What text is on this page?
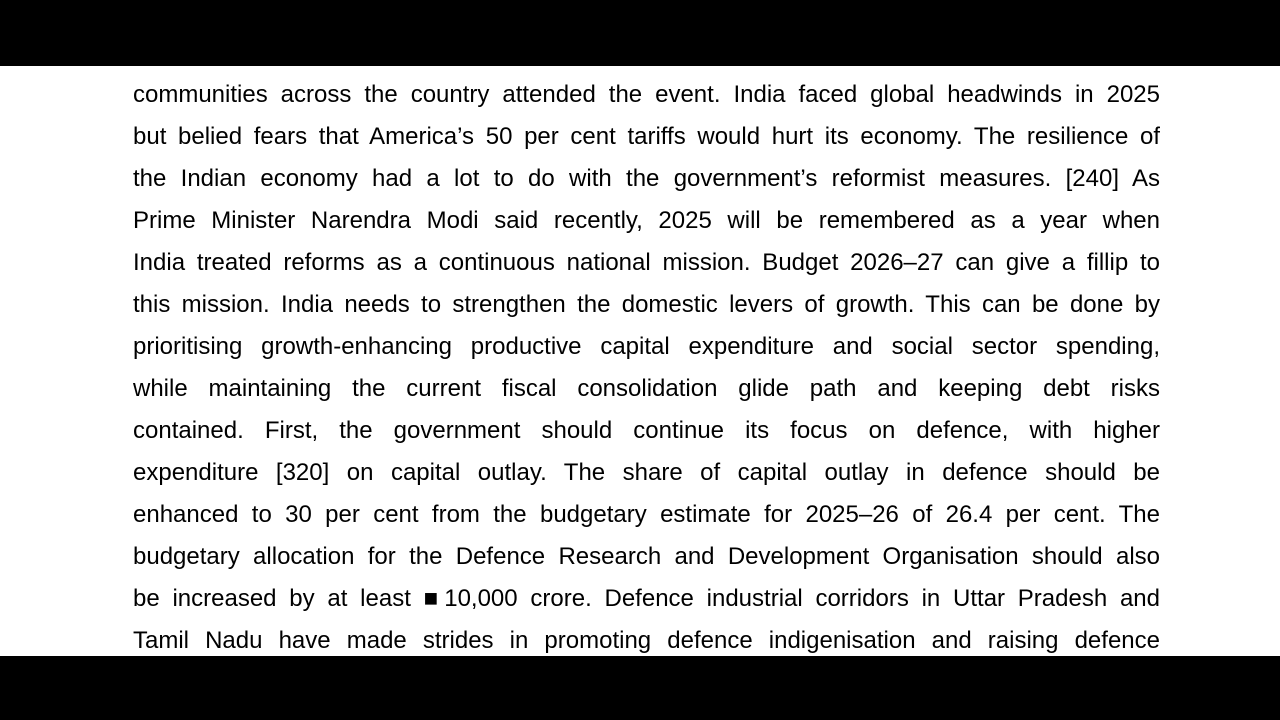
communities across the country attended the event. India faced global headwinds in 2025
but belied fears that America’s 50 per cent tariffs would hurt its economy. The resilience of
the Indian economy had a lot to do with the government’s reformist measures. [240] As
Prime Minister Narendra Modi said recently, 2025 will be remembered as a year when
India treated reforms as a continuous national mission. Budget 2026–27 can give a fillip to
this mission. India needs to strengthen the domestic levers of growth. This can be done by
prioritising growth-enhancing productive capital expenditure and social sector spending,
while maintaining the current fiscal consolidation glide path and keeping debt risks
contained. First, the government should continue its focus on defence, with higher
expenditure [320] on capital outlay. The share of capital outlay in defence should be
enhanced to 30 per cent from the budgetary estimate for 2025–26 of 26.4 per cent. The
budgetary allocation for the Defence Research and Development Organisation should also
be increased by at least ■10,000 crore. Defence industrial corridors in Uttar Pradesh and
Tamil Nadu have made strides in promoting defence indigenisation and raising defence
